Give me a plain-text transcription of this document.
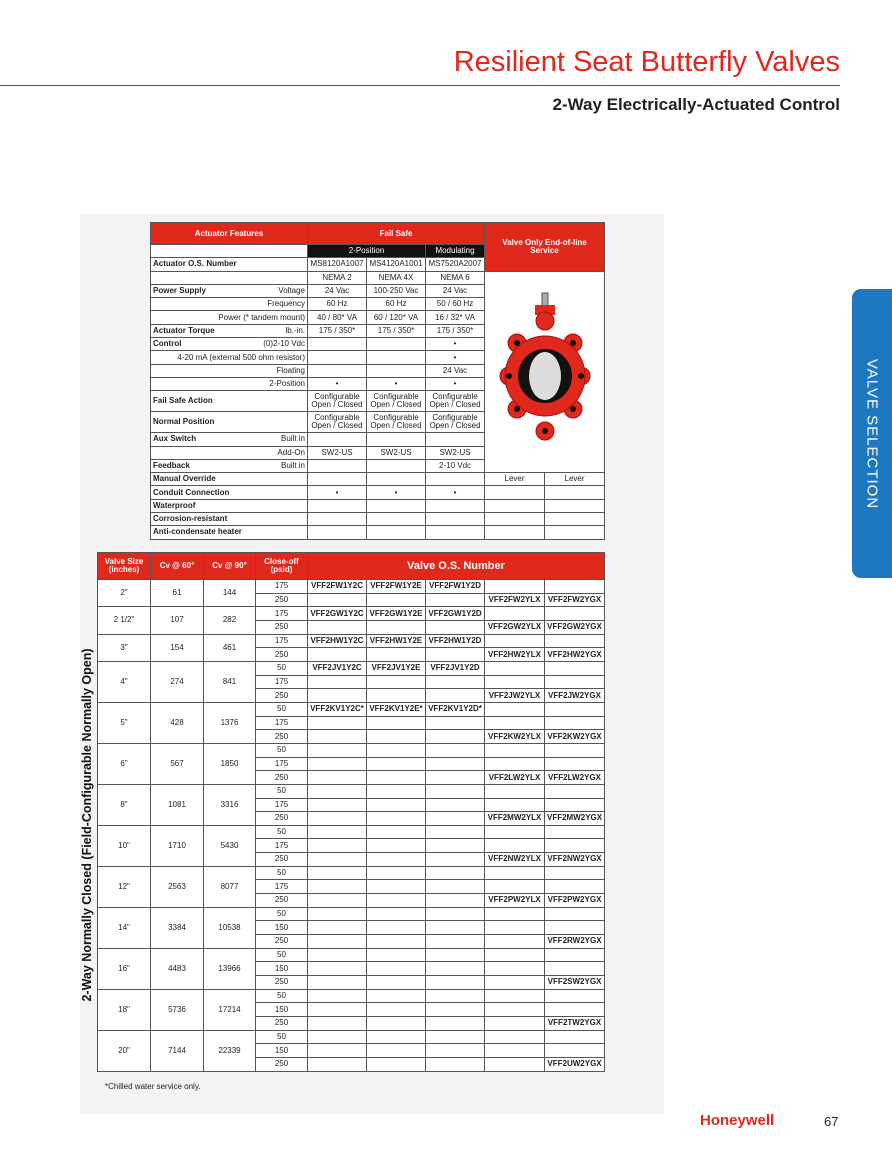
Resilient Seat Butterfly Valves
2-Way Electrically-Actuated Control
VALVE SELECTION
2-Way Normally Closed (Field-Configurable Normally Open)
Actuator Features		Fail Safe			Valve Only End-of-line Service	
		2-Position		Modulating		
Actuator O.S. Number		MS8120A1007	MS4120A1001	MS7520A2007		
		NEMA 2	NEMA 4X	NEMA 6	
Power Supply	Voltage	24 Vac	100-250 Vac	24 Vac		
Frequency		60 Hz	60 Hz	50 / 60 Hz		
Power (* tandem mount)		40 / 80* VA	60 / 120* VA	16 / 32* VA		
Actuator Torque	lb.-in.	175 / 350*	175 / 350*	175 / 350*		
Control	(0)2-10 Vdc			•		
4-20 mA (external 500 ohm resistor)				•		
Floating				24 Vac		
2-Position		•	•	•		
Fail Safe Action		Configurable Open / Closed	Configurable Open / Closed	Configurable Open / Closed		
Normal Position		Configurable Open / Closed	Configurable Open / Closed	Configurable Open / Closed		
Aux Switch	Built in					
Add-On		SW2-US	SW2-US	SW2-US		
Feedback	Built in			2-10 Vdc		
Manual Override					Lever	Lever
Conduit Connection		•	•	•		
Waterproof						
Corrosion-resistant						
Anti-condensate heater						
Valve Size (inches)	Cv @ 60°	Cv @ 90°	Close-off (psid)	Valve O.S. Number				
2"	61	144	175	VFF2FW1Y2C	VFF2FW1Y2E	VFF2FW1Y2D		
			250				VFF2FW2YLX	VFF2FW2YGX
2 1/2"	107	282	175	VFF2GW1Y2C	VFF2GW1Y2E	VFF2GW1Y2D		
			250				VFF2GW2YLX	VFF2GW2YGX
3"	154	461	175	VFF2HW1Y2C	VFF2HW1Y2E	VFF2HW1Y2D		
			250				VFF2HW2YLX	VFF2HW2YGX
4"	274	841	50	VFF2JV1Y2C	VFF2JV1Y2E	VFF2JV1Y2D		
			175					
			250				VFF2JW2YLX	VFF2JW2YGX
5"	428	1376	50	VFF2KV1Y2C*	VFF2KV1Y2E*	VFF2KV1Y2D*		
			175					
			250				VFF2KW2YLX	VFF2KW2YGX
6"	567	1850	50					
			175					
			250				VFF2LW2YLX	VFF2LW2YGX
8"	1081	3316	50					
			175					
			250				VFF2MW2YLX	VFF2MW2YGX
10"	1710	5430	50					
			175					
			250				VFF2NW2YLX	VFF2NW2YGX
12"	2563	8077	50					
			175					
			250				VFF2PW2YLX	VFF2PW2YGX
14"	3384	10538	50					
			150					
			250					VFF2RW2YGX
16"	4483	13966	50					
			150					
			250					VFF2SW2YGX
18"	5736	17214	50					
			150					
			250					VFF2TW2YGX
20"	7144	22339	50					
			150					
			250					VFF2UW2YGX
*Chilled water service only.
Honeywell	67
